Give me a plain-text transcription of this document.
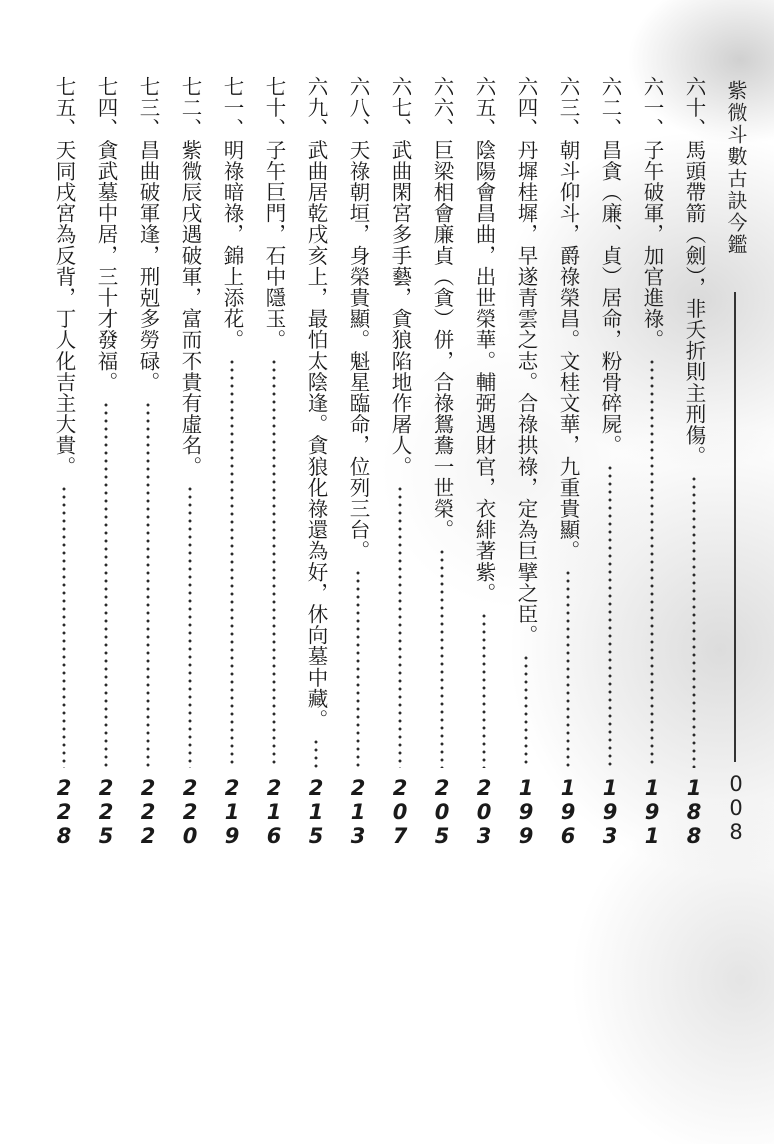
紫微斗數古訣今鑑
008
六十、馬頭帶箭（劍），非夭折則主刑傷。
188
六一、子午破軍，加官進祿。
191
六二、昌貪（廉、貞）居命，粉骨碎屍。
193
六三、朝斗仰斗，爵祿榮昌。文桂文華，九重貴顯。
196
六四、丹墀桂墀，早遂青雲之志。合祿拱祿，定為巨擘之臣。
199
六五、陰陽會昌曲，出世榮華。輔弼遇財官，衣緋著紫。
203
六六、巨梁相會廉貞（貪）併，合祿鴛鴦一世榮。
205
六七、武曲閑宮多手藝，貪狼陷地作屠人。
207
六八、天祿朝垣，身榮貴顯。魁星臨命，位列三台。
213
六九、武曲居乾戌亥上，最怕太陰逢。貪狼化祿還為好，休向墓中藏。
215
七十、子午巨門，石中隱玉。
216
七一、明祿暗祿，錦上添花。
219
七二、紫微辰戌遇破軍，富而不貴有虛名。
220
七三、昌曲破軍逢，刑剋多勞碌。
222
七四、貪武墓中居，三十才發福。
225
七五、天同戌宮為反背，丁人化吉主大貴。
228
